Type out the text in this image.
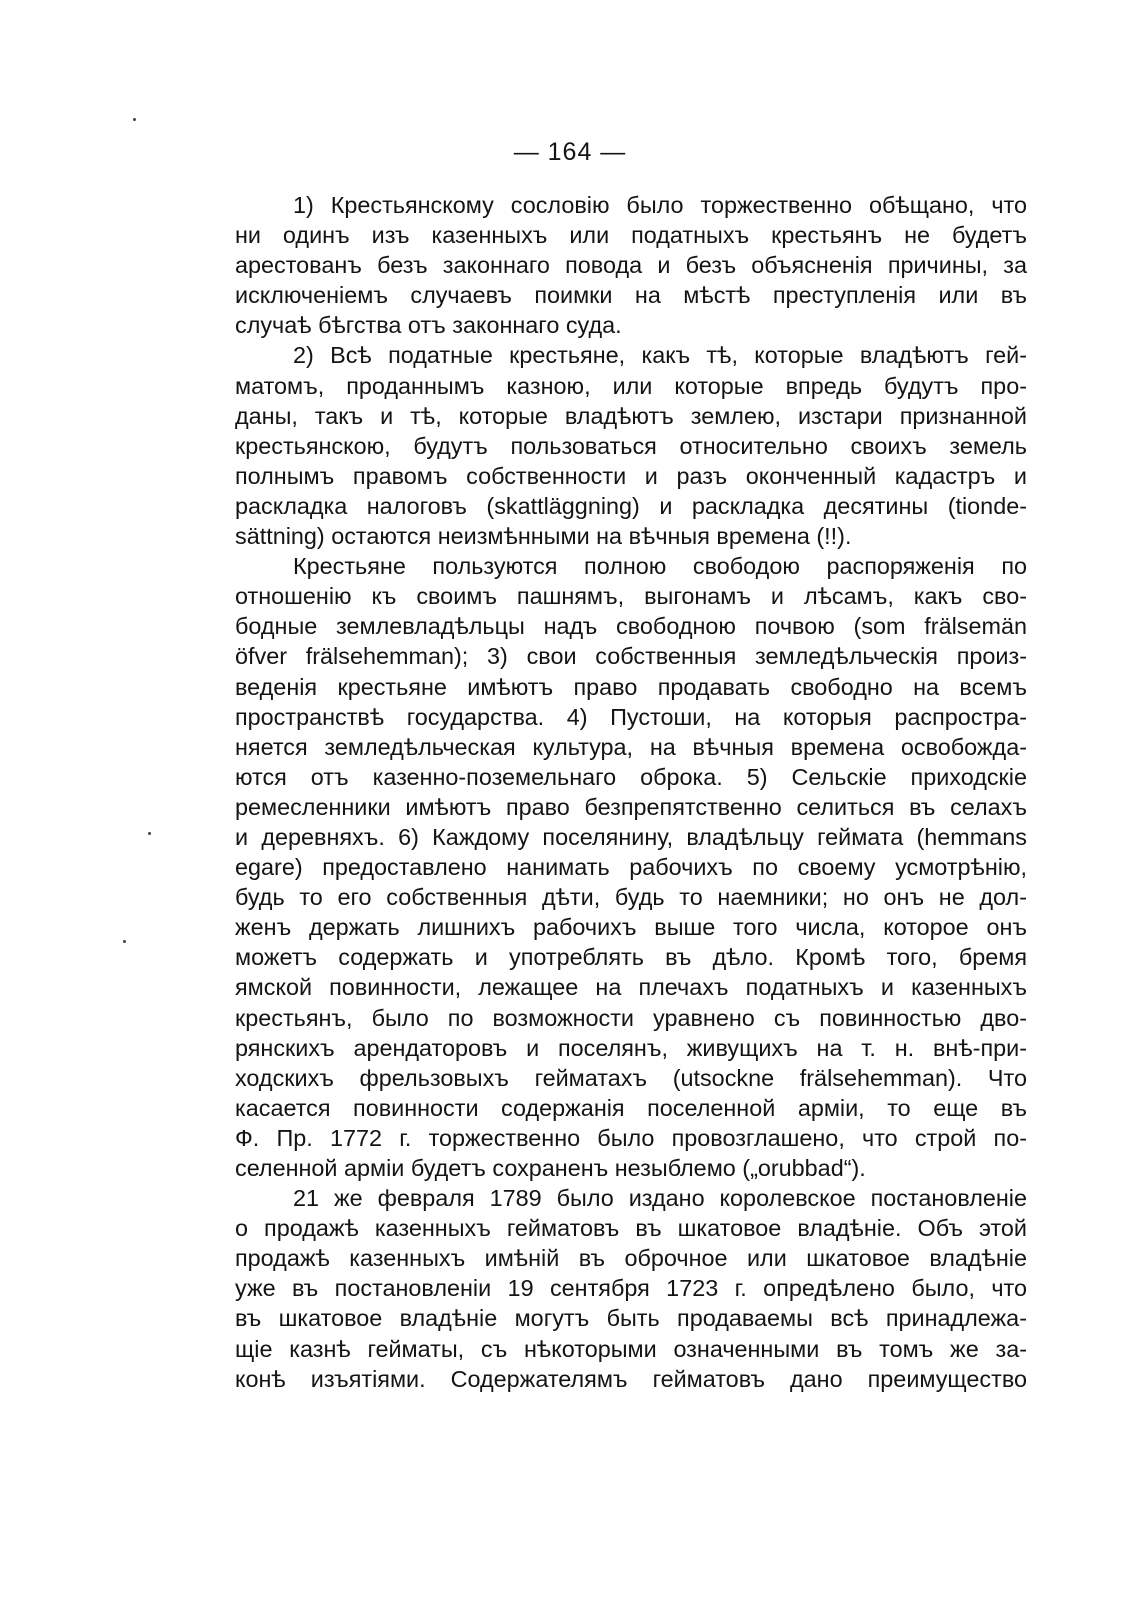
— 164 —
1) Крестьянскому сословію было торжественно обѣщано, что
ни одинъ изъ казенныхъ или податныхъ крестьянъ не будетъ
арестованъ безъ законнаго повода и безъ объясненія причины, за
исключеніемъ случаевъ поимки на мѣстѣ преступленія или въ
случаѣ бѣгства отъ законнаго суда.
2) Всѣ податные крестьяне, какъ тѣ, которые владѣютъ гей-
матомъ, проданнымъ казною, или которые впредь будутъ про-
даны, такъ и тѣ, которые владѣютъ землею, изстари признанной
крестьянскою, будутъ пользоваться относительно своихъ земель
полнымъ правомъ собственности и разъ оконченный кадастръ и
раскладка налоговъ (skattläggning) и раскладка десятины (tionde-
sättning) остаются неизмѣнными на вѣчныя времена (!!).
Крестьяне пользуются полною свободою распоряженія по
отношенію къ своимъ пашнямъ, выгонамъ и лѣсамъ, какъ сво-
бодные землевладѣльцы надъ свободною почвою (som frälsemän
öfver frälsehemman); 3) свои собственныя земледѣльческія произ-
веденія крестьяне имѣютъ право продавать свободно на всемъ
пространствѣ государства. 4) Пустоши, на которыя распростра-
няется земледѣльческая культура, на вѣчныя времена освобожда-
ются отъ казенно-поземельнаго оброка. 5) Сельскіе приходскіе
ремесленники имѣютъ право безпрепятственно селиться въ селахъ
и деревняхъ. 6) Каждому поселянину, владѣльцу геймата (hemmans
egare) предоставлено нанимать рабочихъ по своему усмотрѣнію,
будь то его собственныя дѣти, будь то наемники; но онъ не дол-
женъ держать лишнихъ рабочихъ выше того числа, которое онъ
можетъ содержать и употреблять въ дѣло. Кромѣ того, бремя
ямской повинности, лежащее на плечахъ податныхъ и казенныхъ
крестьянъ, было по возможности уравнено съ повинностью дво-
рянскихъ арендаторовъ и поселянъ, живущихъ на т. н. внѣ-при-
ходскихъ фрельзовыхъ гейматахъ (utsockne frälsehemman). Что
касается повинности содержанія поселенной арміи, то еще въ
Ф. Пр. 1772 г. торжественно было провозглашено, что строй по-
селенной арміи будетъ сохраненъ незыблемо („orubbad“).
21 же февраля 1789 было издано королевское постановленіе
о продажѣ казенныхъ гейматовъ въ шкатовое владѣніе. Объ этой
продажѣ казенныхъ имѣній въ оброчное или шкатовое владѣніе
уже въ постановленіи 19 сентября 1723 г. опредѣлено было, что
въ шкатовое владѣніе могутъ быть продаваемы всѣ принадлежа-
щіе казнѣ гейматы, съ нѣкоторыми означенными въ томъ же за-
конѣ изъятіями. Содержателямъ гейматовъ дано преимущество
